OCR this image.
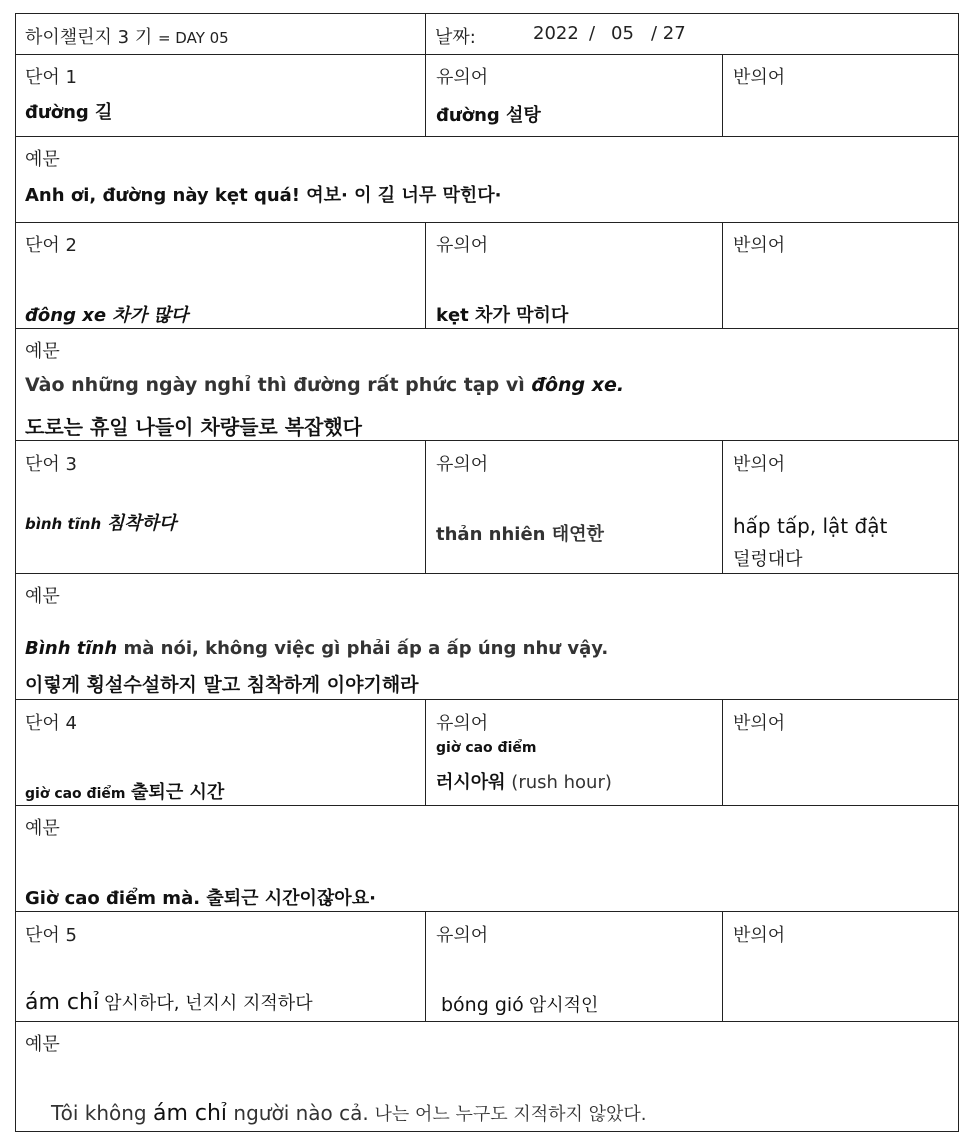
하이챌린지 3 기 = DAY 05	날짜:	2022 / 05 / 27
단어 1
đường 길
유의어
đường 설탕
반의어
예문
Anh ơi, đường này kẹt quá! 여보· 이 길 너무 막힌다·
단어 2
đông xe 차가 많다
유의어
kẹt 차가 막히다
반의어
예문
Vào những ngày nghỉ thì đường rất phức tạp vì đông xe.
도로는 휴일 나들이 차량들로 복잡했다
단어 3
bình tĩnh 침착하다
유의어
thản nhiên 태연한
반의어
hấp tấp, lật đật
덜렁대다
예문
Bình tĩnh mà nói, không việc gì phải ấp a ấp úng như vậy.
이렇게 횡설수설하지 말고 침착하게 이야기해라
단어 4
giờ cao điểm 출퇴근 시간
유의어
giờ cao điểm
러시아워 (rush hour)
반의어
예문
Giờ cao điểm mà. 출퇴근 시간이잖아요·
단어 5
ám chỉ 암시하다, 넌지시 지적하다
유의어
bóng gió 암시적인
반의어
예문
Tôi không ám chỉ người nào cả. 나는 어느 누구도 지적하지 않았다.
